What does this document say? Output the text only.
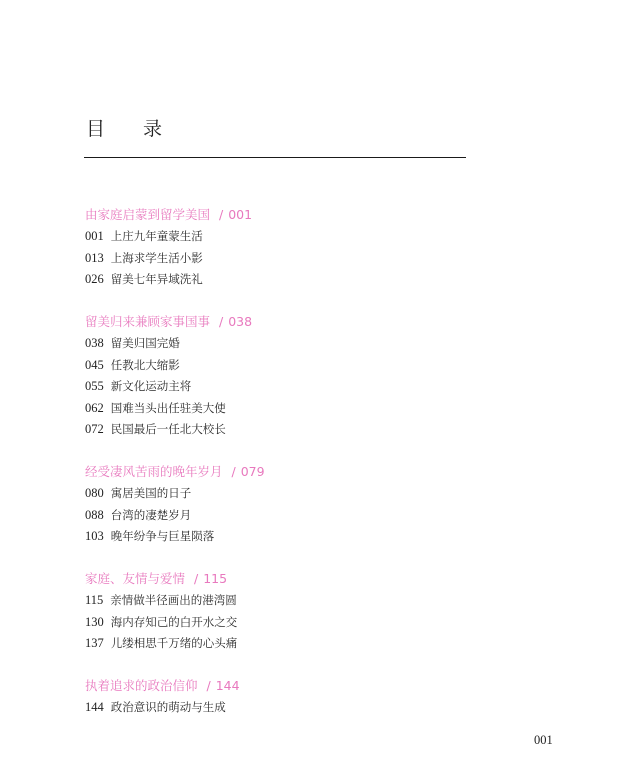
目 录
由家庭启蒙到留学美国 / 001
001 上庄九年童蒙生活
013 上海求学生活小影
026 留美七年异域洗礼
留美归来兼顾家事国事 / 038
038 留美归国完婚
045 任教北大缩影
055 新文化运动主将
062 国难当头出任驻美大使
072 民国最后一任北大校长
经受凄风苦雨的晚年岁月 / 079
080 寓居美国的日子
088 台湾的凄楚岁月
103 晚年纷争与巨星陨落
家庭、友情与爱情 / 115
115 亲情做半径画出的港湾圆
130 海内存知己的白开水之交
137 儿缕相思千万绪的心头痛
执着追求的政治信仰 / 144
144 政治意识的萌动与生成
001
